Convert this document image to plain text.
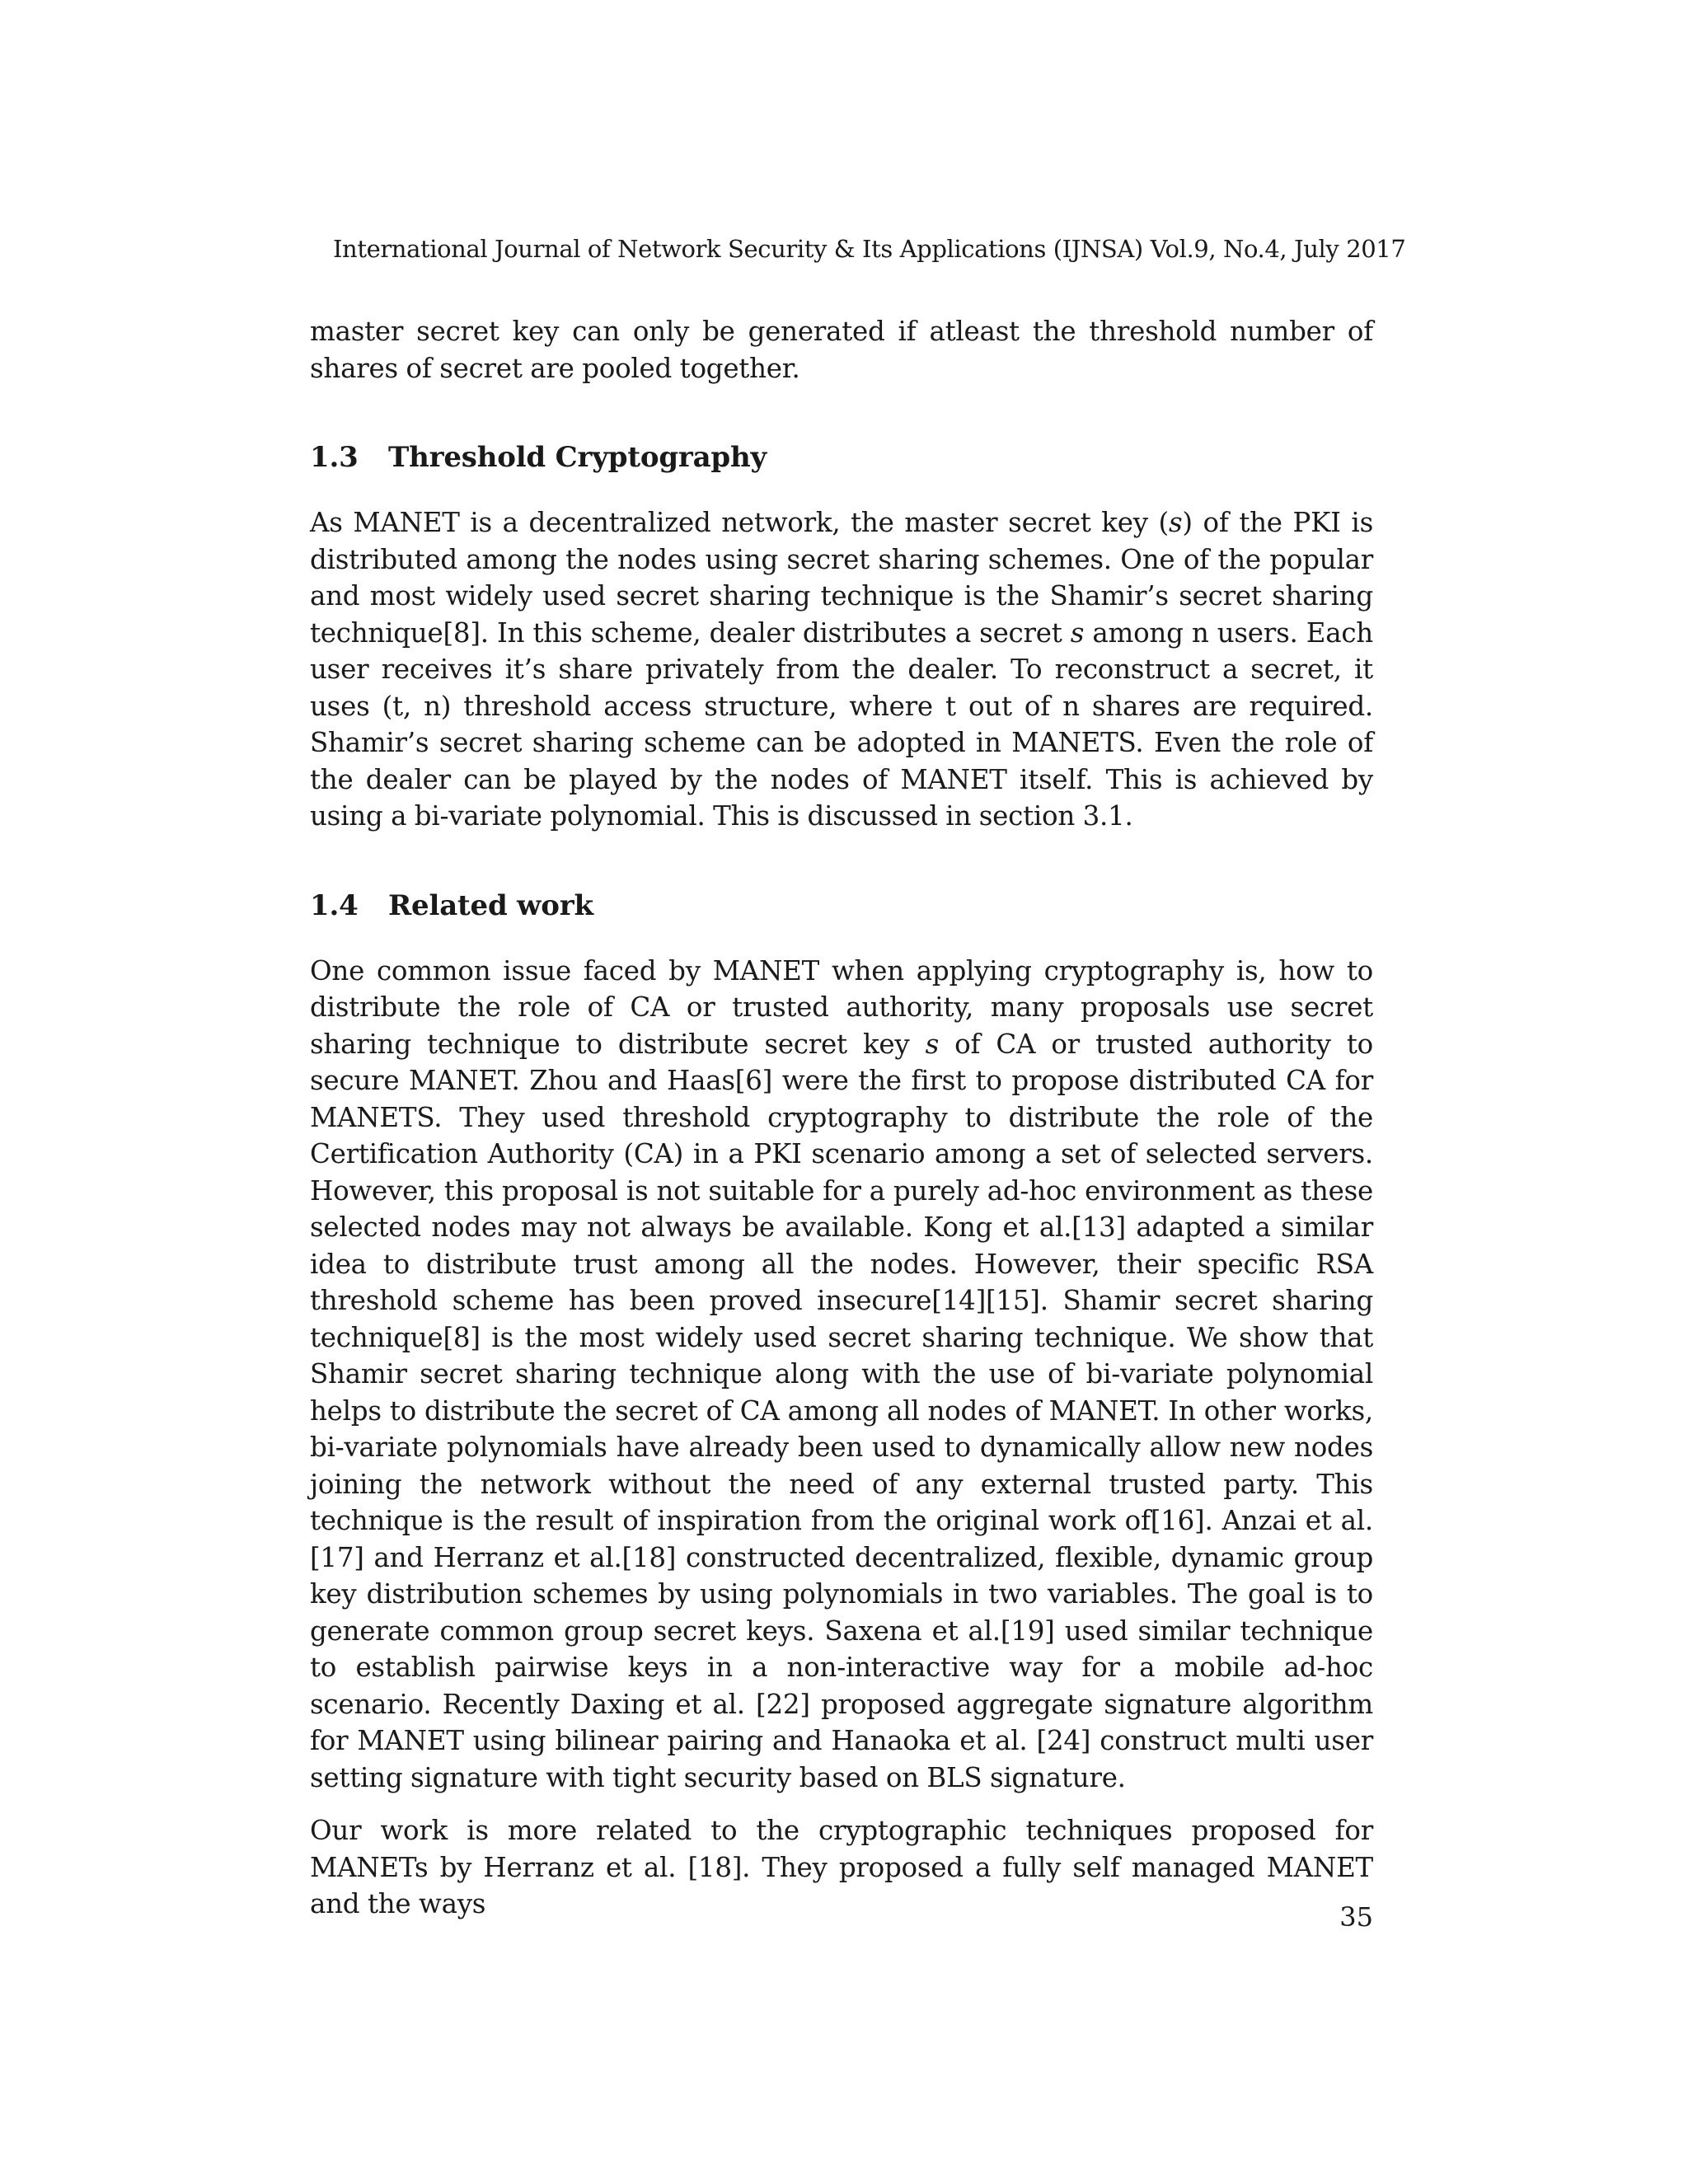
International Journal of Network Security & Its Applications (IJNSA) Vol.9, No.4, July 2017

master secret key can only be generated if atleast the threshold number of shares of secret are pooled together.

1.3 Threshold Cryptography

As MANET is a decentralized network, the master secret key (s) of the PKI is distributed among the nodes using secret sharing schemes. One of the popular and most widely used secret sharing technique is the Shamir’s secret sharing technique[8]. In this scheme, dealer distributes a secret s among n users. Each user receives it’s share privately from the dealer. To reconstruct a secret, it uses (t, n) threshold access structure, where t out of n shares are required. Shamir’s secret sharing scheme can be adopted in MANETS. Even the role of the dealer can be played by the nodes of MANET itself. This is achieved by using a bi-variate polynomial. This is discussed in section 3.1.

1.4 Related work

One common issue faced by MANET when applying cryptography is, how to distribute the role of CA or trusted authority, many proposals use secret sharing technique to distribute secret key s of CA or trusted authority to secure MANET. Zhou and Haas[6] were the first to propose distributed CA for MANETS. They used threshold cryptography to distribute the role of the Certification Authority (CA) in a PKI scenario among a set of selected servers. However, this proposal is not suitable for a purely ad-hoc environment as these selected nodes may not always be available. Kong et al.[13] adapted a similar idea to distribute trust among all the nodes. However, their specific RSA threshold scheme has been proved insecure[14][15]. Shamir secret sharing technique[8] is the most widely used secret sharing technique. We show that Shamir secret sharing technique along with the use of bi-variate polynomial helps to distribute the secret of CA among all nodes of MANET. In other works, bi-variate polynomials have already been used to dynamically allow new nodes joining the network without the need of any external trusted party. This technique is the result of inspiration from the original work of[16]. Anzai et al.[17] and Herranz et al.[18] constructed decentralized, flexible, dynamic group key distribution schemes by using polynomials in two variables. The goal is to generate common group secret keys. Saxena et al.[19] used similar technique to establish pairwise keys in a non-interactive way for a mobile ad-hoc scenario. Recently Daxing et al. [22] proposed aggregate signature algorithm for MANET using bilinear pairing and Hanaoka et al. [24] construct multi user setting signature with tight security based on BLS signature.

Our work is more related to the cryptographic techniques proposed for MANETs by Herranz et al. [18]. They proposed a fully self managed MANET and the ways	35
